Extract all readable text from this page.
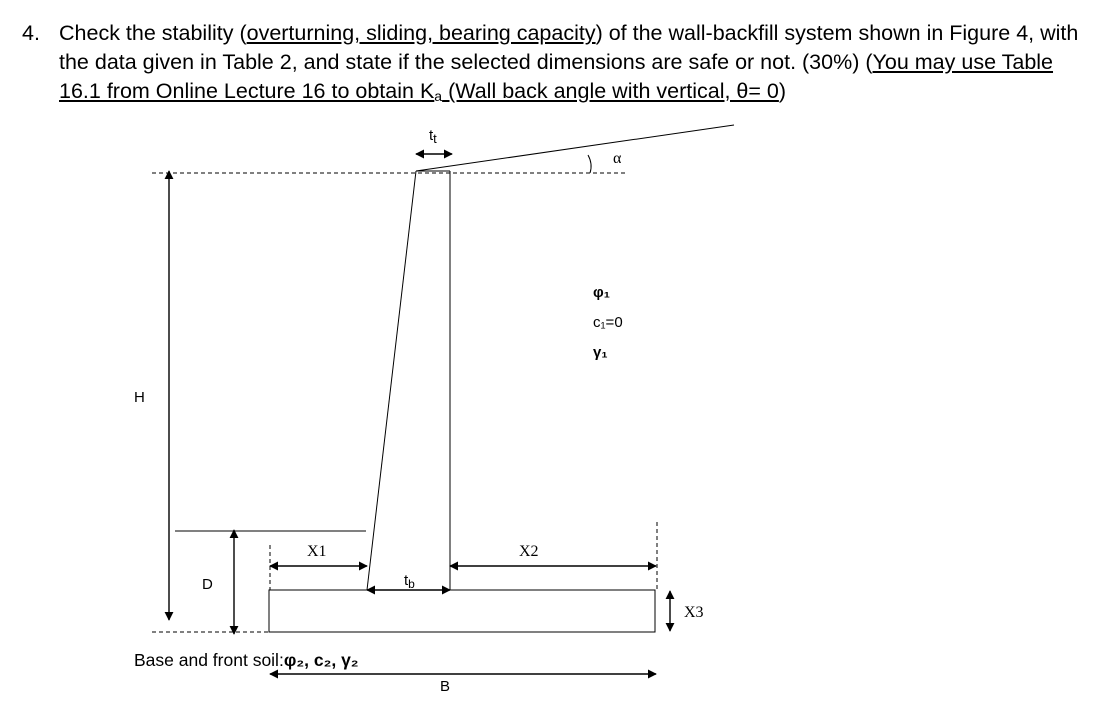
4. Check the stability (overturning, sliding, bearing capacity) of the wall-backfill system shown in Figure 4, with the data given in Table 2, and state if the selected dimensions are safe or not. (30%) (You may use Table 16.1 from Online Lecture 16 to obtain $K_a$ (Wall back angle with vertical, θ= 0)
tt
α
φ₁
c₁=0
γ₁
H
D
X1	X2
X3
$t_b$
B
Base and front soil:φ₂, c₂, γ₂
